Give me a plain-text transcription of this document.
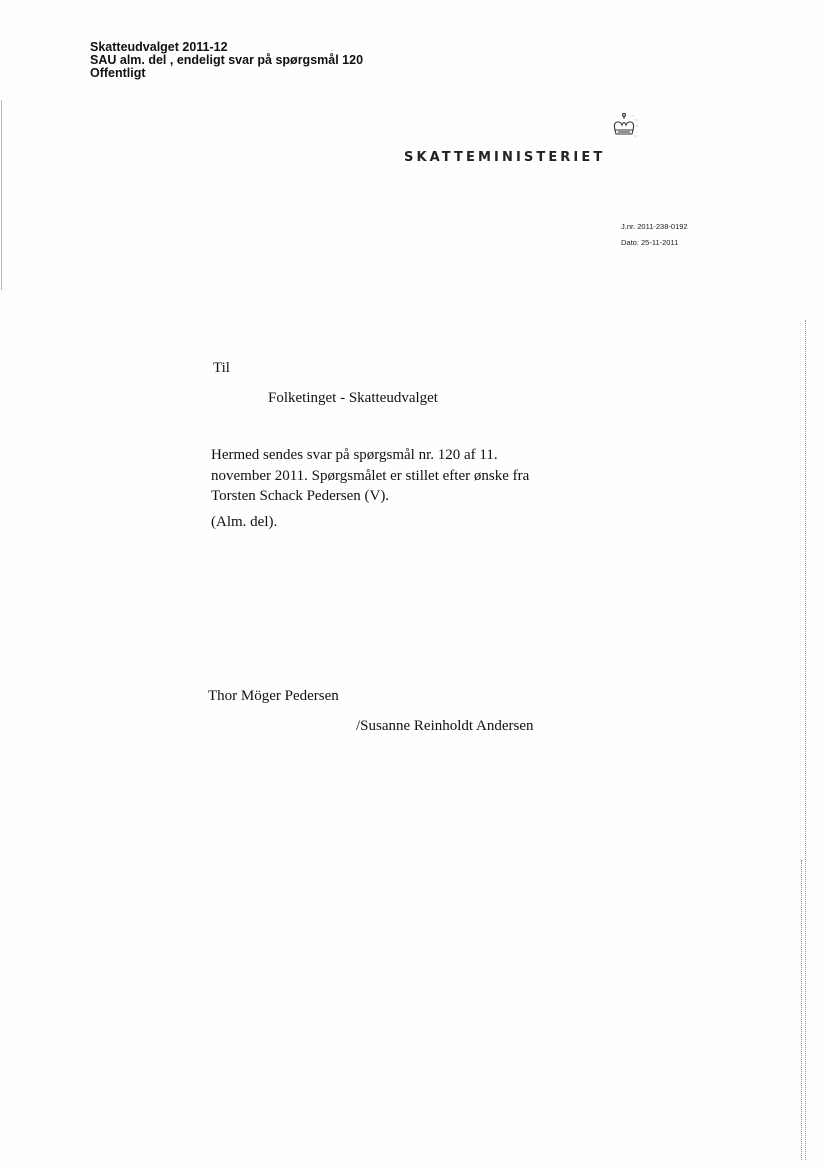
Skatteudvalget 2011-12
SAU alm. del , endeligt svar på spørgsmål 120
Offentligt
SKATTEMINISTERIET
J.nr. 2011-238-0192
Dato: 25-11-2011
Til
Folketinget - Skatteudvalget
Hermed sendes svar på spørgsmål nr. 120 af 11. november 2011. Spørgsmålet er stillet efter ønske fra Torsten Schack Pedersen (V).
(Alm. del).
Thor Möger Pedersen
/Susanne Reinholdt Andersen
